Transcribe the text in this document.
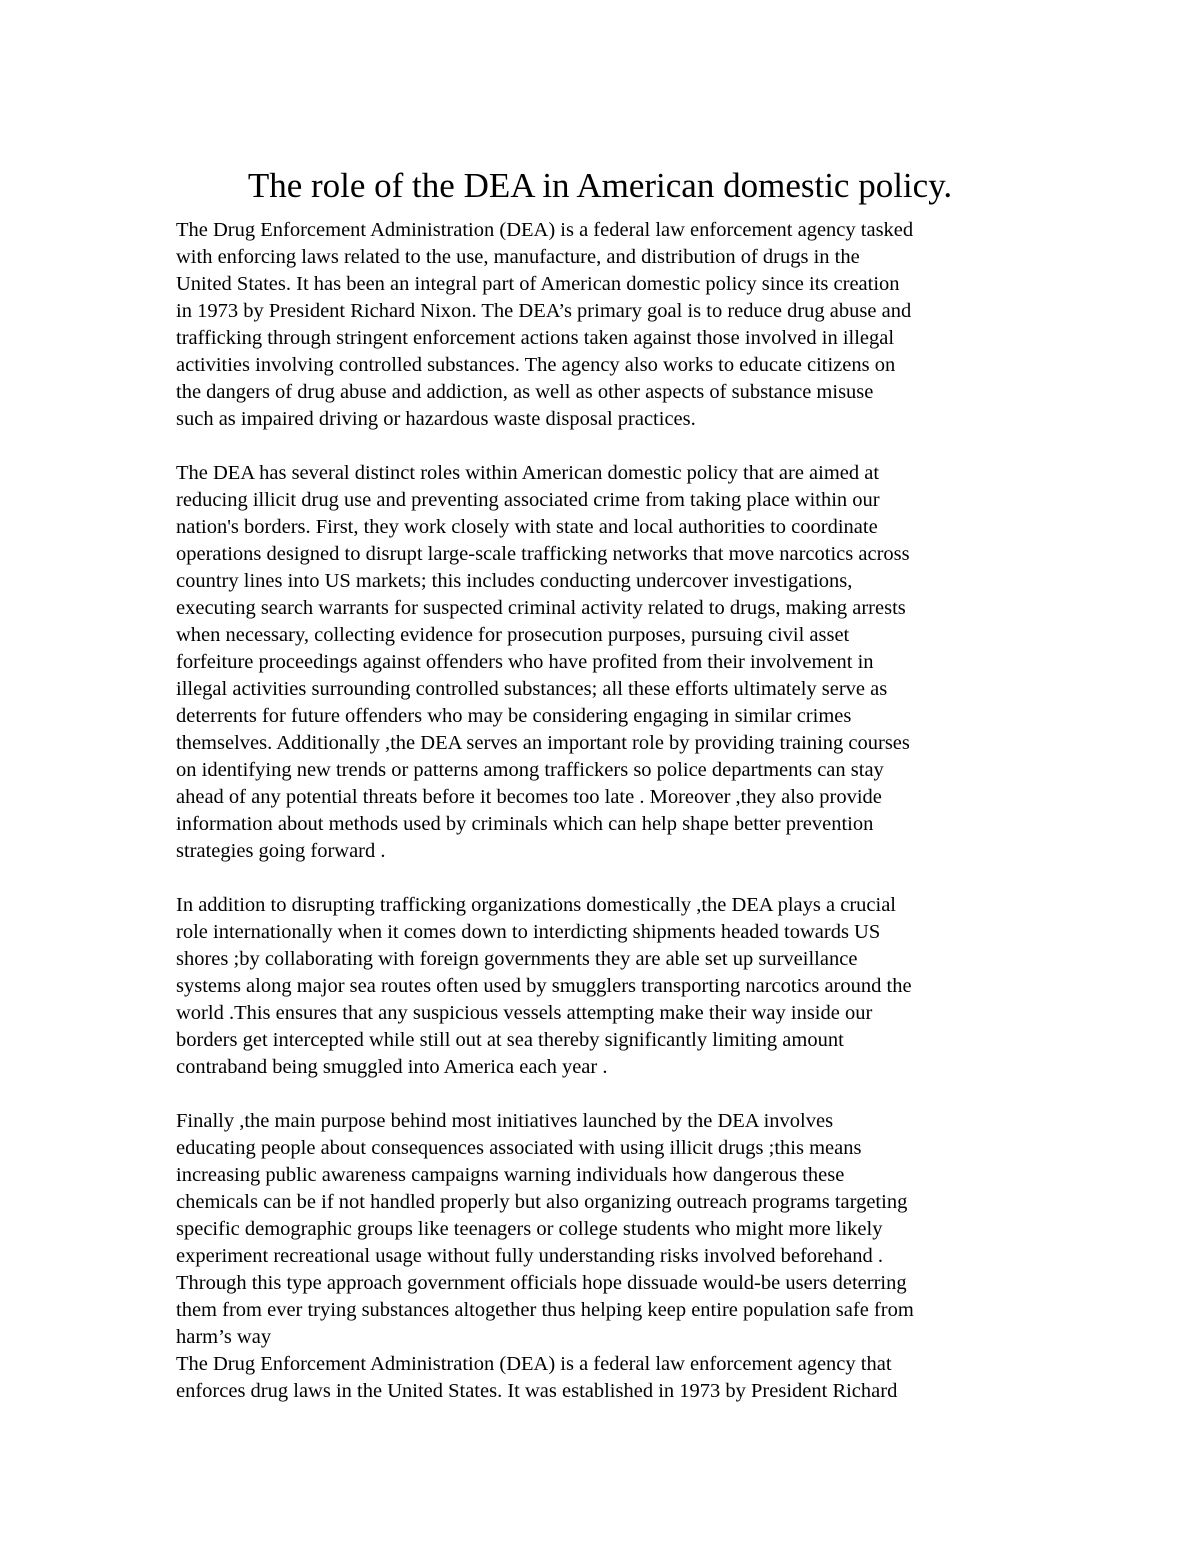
The role of the DEA in American domestic policy.

The Drug Enforcement Administration (DEA) is a federal law enforcement agency tasked
with enforcing laws related to the use, manufacture, and distribution of drugs in the
United States. It has been an integral part of American domestic policy since its creation
in 1973 by President Richard Nixon. The DEA’s primary goal is to reduce drug abuse and
trafficking through stringent enforcement actions taken against those involved in illegal
activities involving controlled substances. The agency also works to educate citizens on
the dangers of drug abuse and addiction, as well as other aspects of substance misuse
such as impaired driving or hazardous waste disposal practices.

The DEA has several distinct roles within American domestic policy that are aimed at
reducing illicit drug use and preventing associated crime from taking place within our
nation's borders. First, they work closely with state and local authorities to coordinate
operations designed to disrupt large-scale trafficking networks that move narcotics across
country lines into US markets; this includes conducting undercover investigations,
executing search warrants for suspected criminal activity related to drugs, making arrests
when necessary, collecting evidence for prosecution purposes, pursuing civil asset
forfeiture proceedings against offenders who have profited from their involvement in
illegal activities surrounding controlled substances; all these efforts ultimately serve as
deterrents for future offenders who may be considering engaging in similar crimes
themselves. Additionally ,the DEA serves an important role by providing training courses
on identifying new trends or patterns among traffickers so police departments can stay
ahead of any potential threats before it becomes too late . Moreover ,they also provide
information about methods used by criminals which can help shape better prevention
strategies going forward .

In addition to disrupting trafficking organizations domestically ,the DEA plays a crucial
role internationally when it comes down to interdicting shipments headed towards US
shores ;by collaborating with foreign governments they are able set up surveillance
systems along major sea routes often used by smugglers transporting narcotics around the
world .This ensures that any suspicious vessels attempting make their way inside our
borders get intercepted while still out at sea thereby significantly limiting amount
contraband being smuggled into America each year .

Finally ,the main purpose behind most initiatives launched by the DEA involves
educating people about consequences associated with using illicit drugs ;this means
increasing public awareness campaigns warning individuals how dangerous these
chemicals can be if not handled properly but also organizing outreach programs targeting
specific demographic groups like teenagers or college students who might more likely
experiment recreational usage without fully understanding risks involved beforehand .
Through this type approach government officials hope dissuade would-be users deterring
them from ever trying substances altogether thus helping keep entire population safe from
harm’s way
The Drug Enforcement Administration (DEA) is a federal law enforcement agency that
enforces drug laws in the United States. It was established in 1973 by President Richard
